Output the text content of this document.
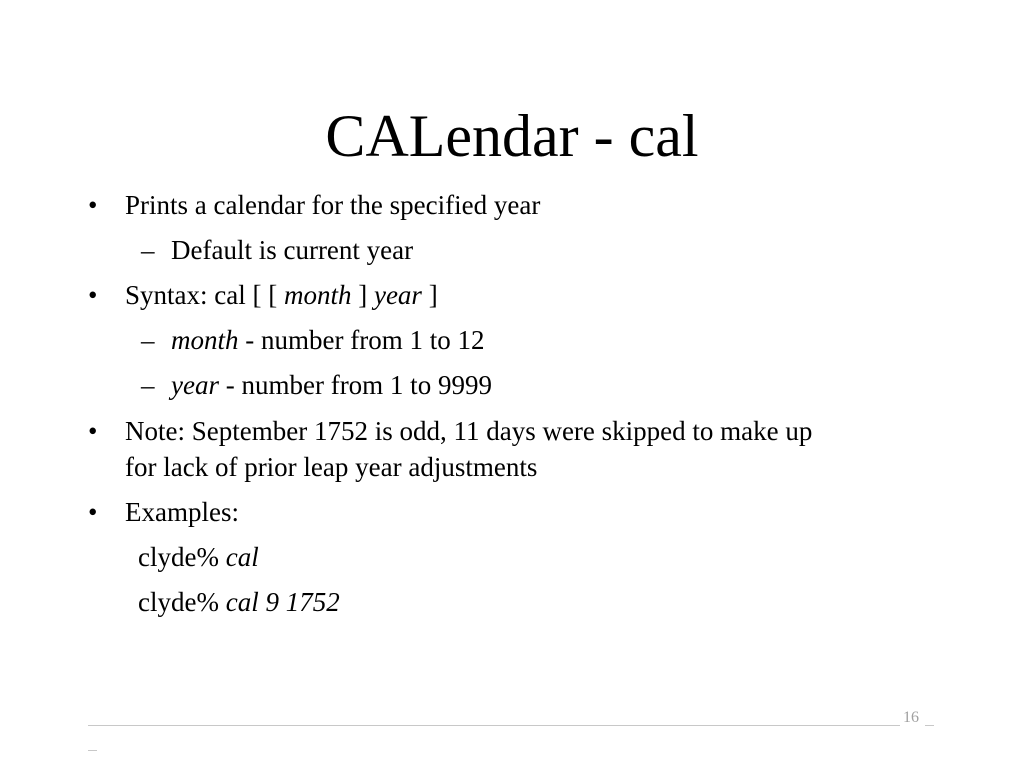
CALendar - cal
• Prints a calendar for the specified year
– Default is current year
• Syntax: cal [ [ month ] year ]
– month - number from 1 to 12
– year - number from 1 to 9999
• Note: September 1752 is odd, 11 days were skipped to make up
for lack of prior leap year adjustments
• Examples:
clyde% cal
clyde% cal 9 1752
16
